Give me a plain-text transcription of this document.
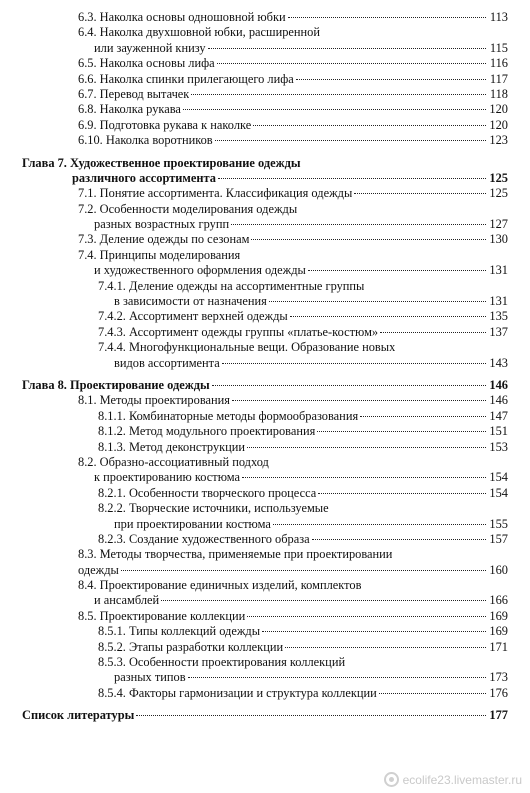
6.3. Наколка основы одношовной юбки	113
6.4. Наколка двухшовной юбки, расширенной
или зауженной книзу	115
6.5. Наколка основы лифа	116
6.6. Наколка спинки прилегающего лифа	117
6.7. Перевод вытачек	118
6.8. Наколка рукава	120
6.9. Подготовка рукава к наколке	120
6.10. Наколка воротников	123
Глава 7. Художественное проектирование одежды
различного ассортимента	125
7.1. Понятие ассортимента. Классификация одежды	125
7.2. Особенности моделирования одежды
разных возрастных групп	127
7.3. Деление одежды по сезонам	130
7.4. Принципы моделирования
и художественного оформления одежды	131
7.4.1. Деление одежды на ассортиментные группы
в зависимости от назначения	131
7.4.2. Ассортимент верхней одежды	135
7.4.3. Ассортимент одежды группы «платье-костюм»	137
7.4.4. Многофункциональные вещи. Образование новых
видов ассортимента	143
Глава 8. Проектирование одежды	146
8.1. Методы проектирования	146
8.1.1. Комбинаторные методы формообразования	147
8.1.2. Метод модульного проектирования	151
8.1.3. Метод деконструкции	153
8.2. Образно-ассоциативный подход
к проектированию костюма	154
8.2.1. Особенности творческого процесса	154
8.2.2. Творческие источники, используемые
при проектировании костюма	155
8.2.3. Создание художественного образа	157
8.3. Методы творчества, применяемые при проектировании
одежды	160
8.4. Проектирование единичных изделий, комплектов
и ансамблей	166
8.5. Проектирование коллекции	169
8.5.1. Типы коллекций одежды	169
8.5.2. Этапы разработки коллекции	171
8.5.3. Особенности проектирования коллекций
разных типов	173
8.5.4. Факторы гармонизации и структура коллекции	176
Список литературы	177
ecolife23.livemaster.ru
